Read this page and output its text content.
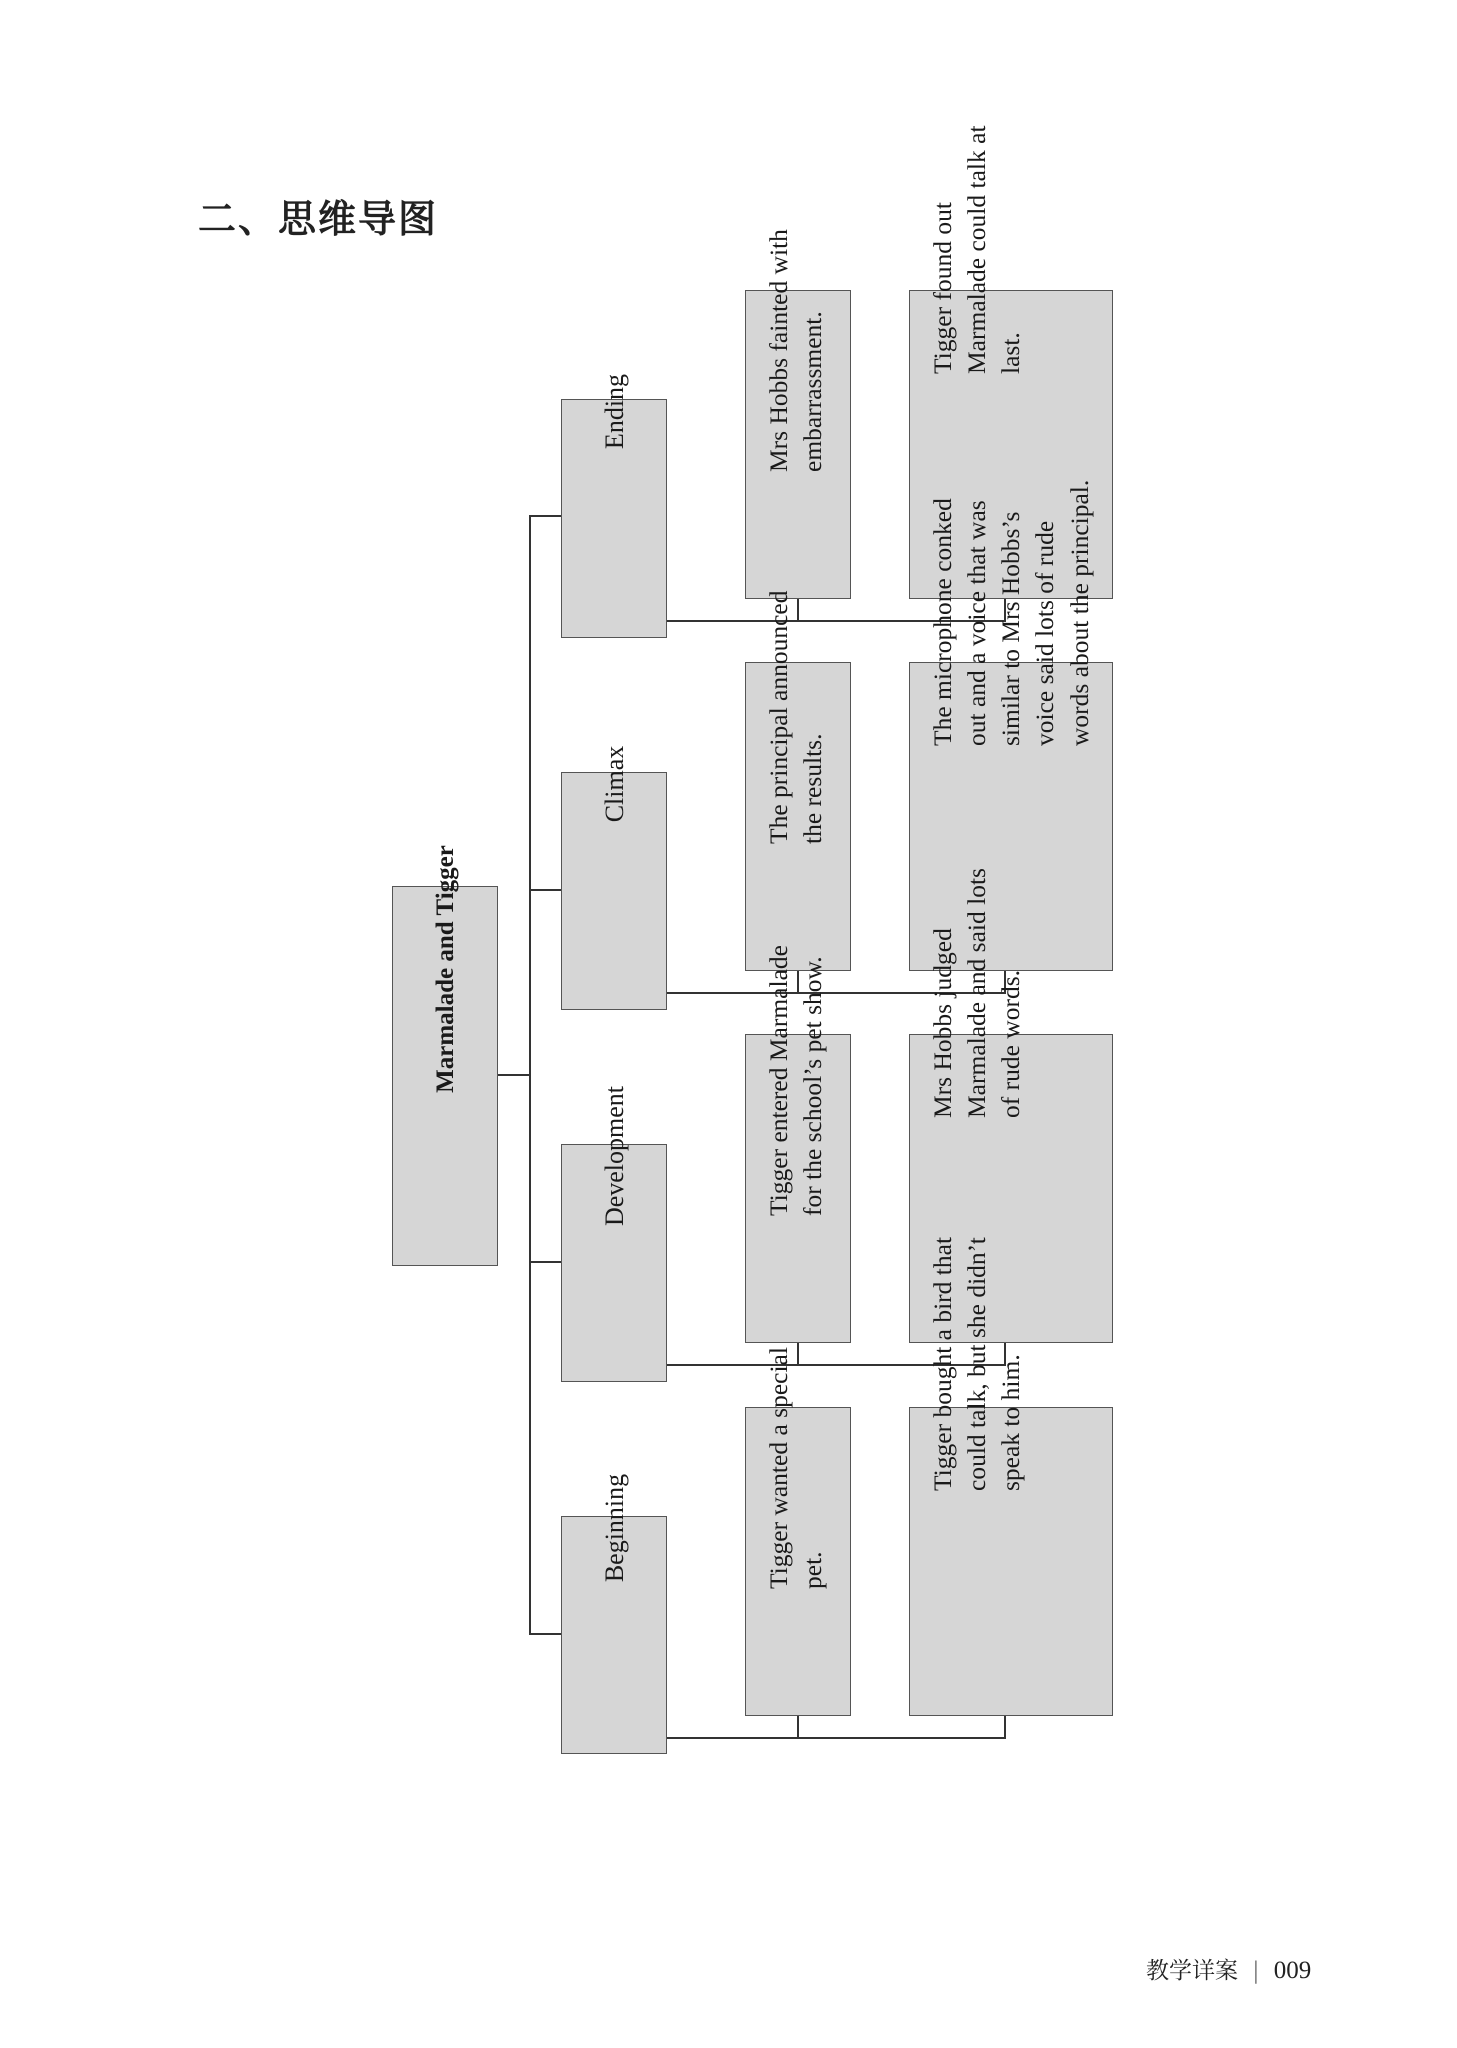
二、思维导图
Marmalade and Tigger
Ending
Climax
Development
Beginning
Mrs Hobbs fainted with embarrassment.
Tigger found out Marmalade could talk at last.
The principal announced the results.
The microphone conked out and a voice that was similar to Mrs Hobbs’s voice said lots of rude words about the principal.
Tigger entered Marmalade for the school’s pet show.	Mrs Hobbs judged Marmalade and said lots of rude words.
Tigger wanted a special pet.
Tigger bought a bird that could talk, but she didn’t speak to him.
教学详案 | 009
